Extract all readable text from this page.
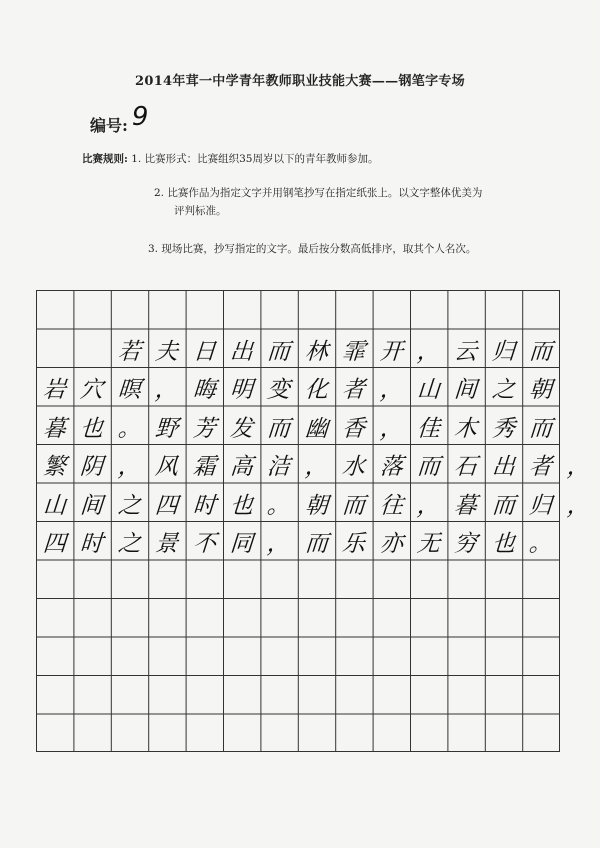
2014年茸一中学青年教师职业技能大赛——钢笔字专场
编号: 9
比赛规则: 1. 比赛形式：比赛组织35周岁以下的青年教师参加。
2. 比赛作品为指定文字并用钢笔抄写在指定纸张上。以文字整体优美为
评判标准。
3. 现场比赛，抄写指定的文字。最后按分数高低排序，取其个人名次。
若 夫 日 出 而 林 霏 开 ， 云 归 而
岩 穴 暝 ， 晦 明 变 化 者 ， 山 间 之 朝
暮 也 。 野 芳 发 而 幽 香 ， 佳 木 秀 而
繁 阴 ， 风 霜 高 洁 ， 水 落 而 石 出 者 ，
山 间 之 四 时 也 。 朝 而 往 ， 暮 而 归 ，
四 时 之 景 不 同 ， 而 乐 亦 无 穷 也 。
